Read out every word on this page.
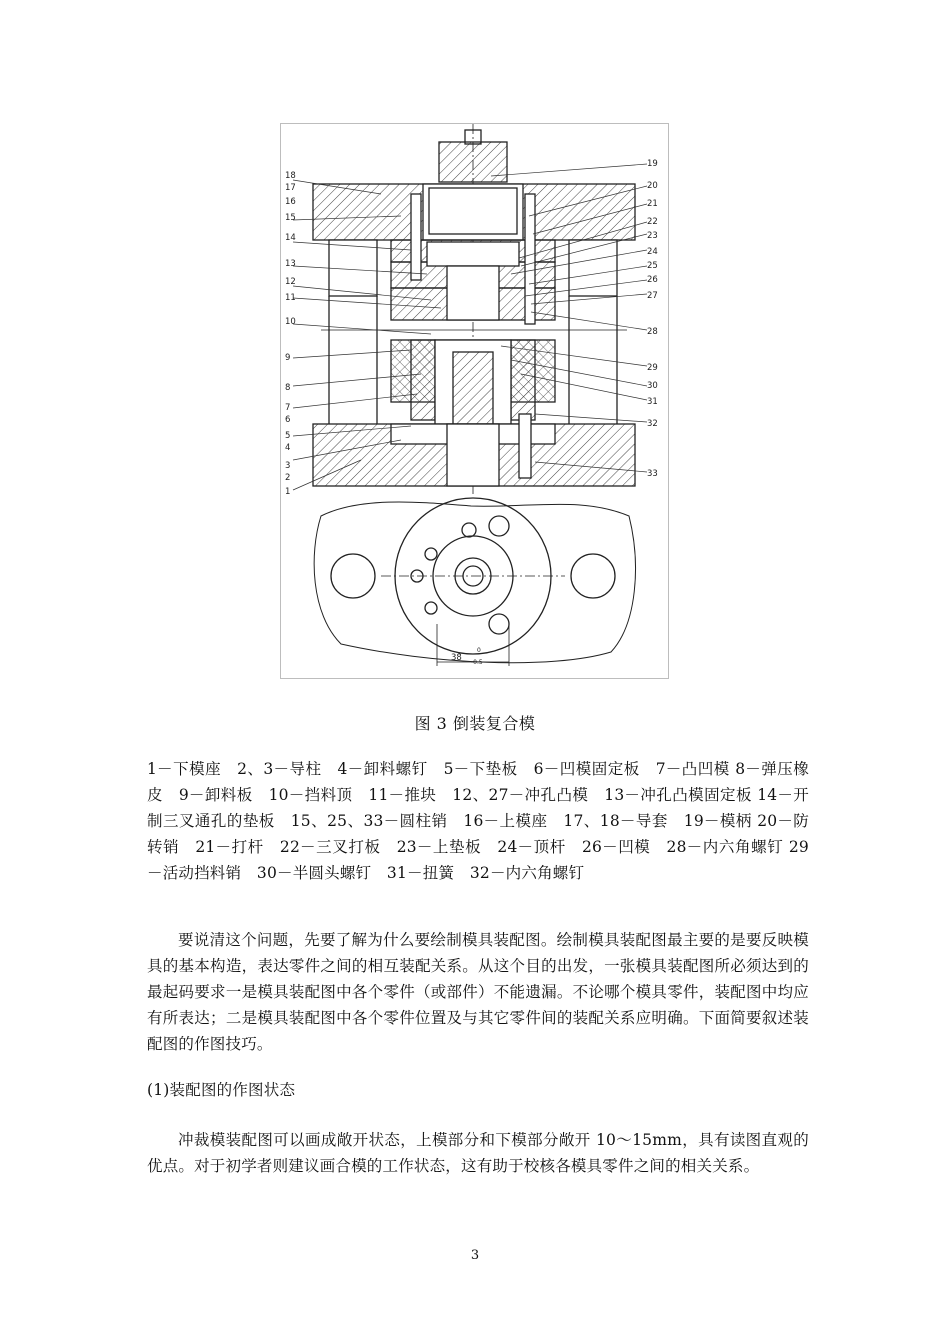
18
17
16
15
14
13
12
11
10
9
8
7
6
5
4
3
2
1
19
20
21
22
23
24
25
26
27
28
29
30
31
32
33
38
0
-0.5
图 3 倒装复合模
1－下模座　2、3－导柱　4－卸料螺钉　5－下垫板　6－凹模固定板　7－凸凹模 8－弹压橡皮　9－卸料板　10－挡料顶　11－推块　12、27－冲孔凸模　13－冲孔凸模固定板 14－开制三叉通孔的垫板　15、25、33－圆柱销　16－上模座　17、18－导套　19－模柄 20－防转销　21－打杆　22－三叉打板　23－上垫板　24－顶杆　26－凹模　28－内六角螺钉 29－活动挡料销　30－半圆头螺钉　31－扭簧　32－内六角螺钉

要说清这个问题，先要了解为什么要绘制模具装配图。绘制模具装配图最主要的是要反映模具的基本构造，表达零件之间的相互装配关系。从这个目的出发，一张模具装配图所必须达到的最起码要求一是模具装配图中各个零件（或部件）不能遗漏。不论哪个模具零件，装配图中均应有所表达；二是模具装配图中各个零件位置及与其它零件间的装配关系应明确。下面简要叙述装配图的作图技巧。

(1)装配图的作图状态

冲裁模装配图可以画成敞开状态，上模部分和下模部分敞开 10～15mm，具有读图直观的优点。对于初学者则建议画合模的工作状态，这有助于校核各模具零件之间的相关关系。

3
